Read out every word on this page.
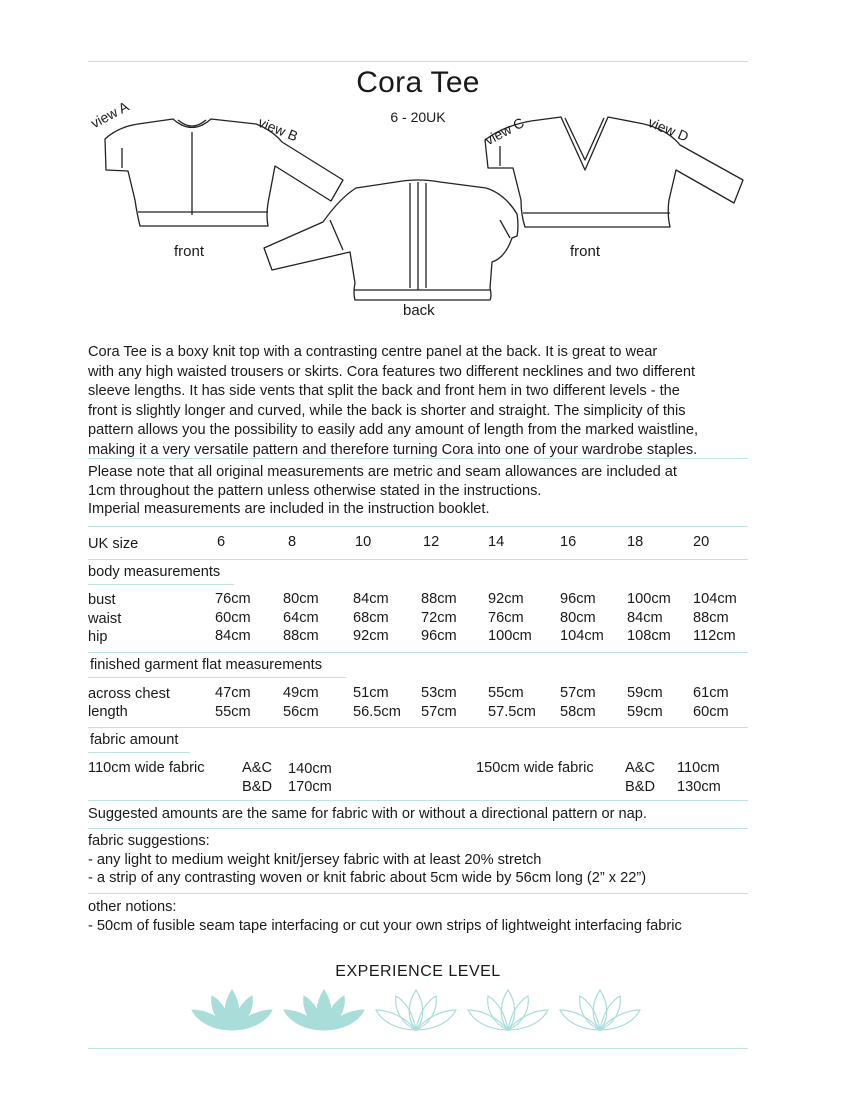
Cora Tee
6 - 20UK
view A	view B	view C	view D
front
back
front

Cora Tee is a boxy knit top with a contrasting centre panel at the back. It is great to wear

with any high waisted trousers or skirts. Cora features two different necklines and two different

sleeve lengths. It has side vents that split the back and front hem in two different levels - the

front is slightly longer and curved, while the back is shorter and straight. The simplicity of this

pattern allows you the possibility to easily add any amount of length from the marked waistline,

making it a very versatile pattern and therefore turning Cora into one of your wardrobe staples.

Please note that all original measurements are metric and seam allowances are included at
1cm throughout the pattern unless otherwise stated in the instructions.
Imperial measurements are included in the instruction booklet.
UK size	6	8	10	12	14	16	18	20
body measurements
bust	76cm 80cm 84cm 88cm 92cm 96cm 100cm 104cm
waist	60cm 64cm 68cm 72cm 76cm 80cm 84cm 88cm
hip	84cm 88cm 92cm 96cm 100cm 104cm 108cm 112cm
finished garment flat measurements
across chest	47cm 49cm 51cm 53cm 55cm 57cm 59cm 61cm
length	55cm 56cm 56.5cm 57cm 57.5cm 58cm 59cm 60cm
fabric amount
110cm wide fabric	A&C 140cm
B&D 170cm
150cm wide fabric A&C 110cm
B&D 130cm
Suggested amounts are the same for fabric with or without a directional pattern or nap.
fabric suggestions:
- any light to medium weight knit/jersey fabric with at least 20% stretch
- a strip of any contrasting woven or knit fabric about 5cm wide by 56cm long (2” x 22”)
other notions:
- 50cm of fusible seam tape interfacing or cut your own strips of lightweight interfacing fabric
EXPERIENCE LEVEL
